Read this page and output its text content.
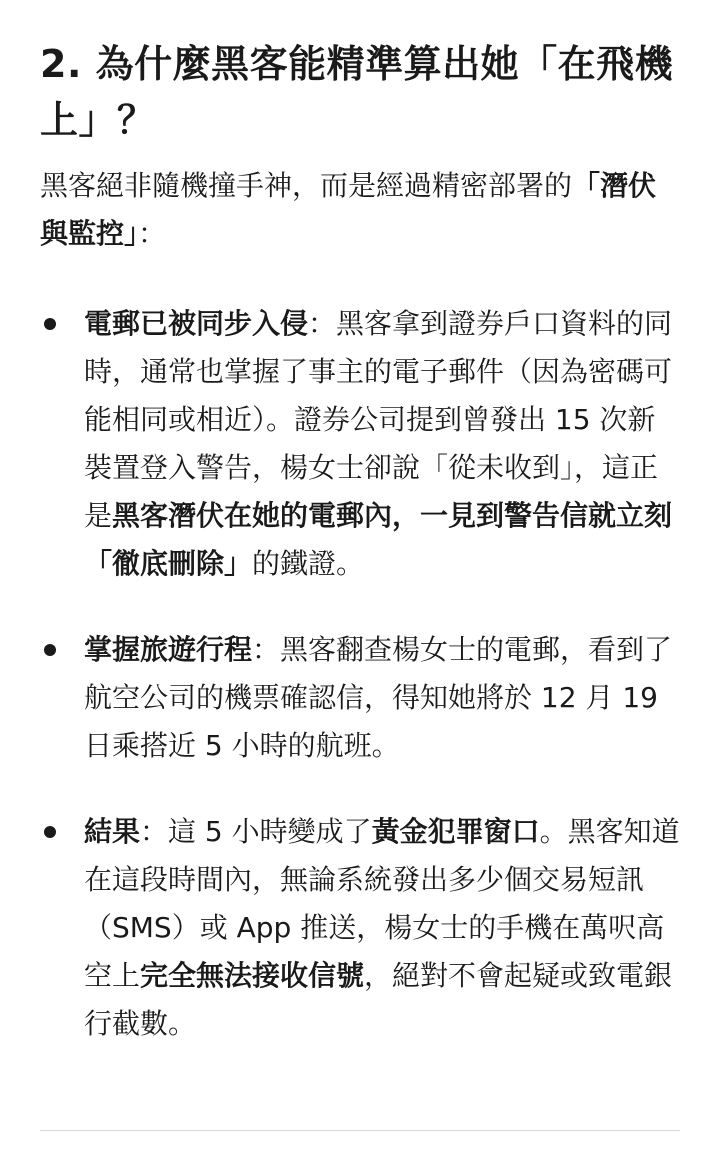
2. 為什麼黑客能精準算出她「在飛機上」？

黑客絕非隨機撞手神，而是經過精密部署的「潛伏與監控」：

電郵已被同步入侵：黑客拿到證券戶口資料的同時，通常也掌握了事主的電子郵件（因為密碼可能相同或相近）。證券公司提到曾發出 15 次新裝置登入警告，楊女士卻說「從未收到」，這正是黑客潛伏在她的電郵內，一見到警告信就立刻「徹底刪除」的鐵證。
掌握旅遊行程：黑客翻查楊女士的電郵，看到了航空公司的機票確認信，得知她將於 12 月 19 日乘搭近 5 小時的航班。
結果：這 5 小時變成了黃金犯罪窗口。黑客知道在這段時間內，無論系統發出多少個交易短訊（SMS）或 App 推送，楊女士的手機在萬呎高空上完全無法接收信號，絕對不會起疑或致電銀行截數。
